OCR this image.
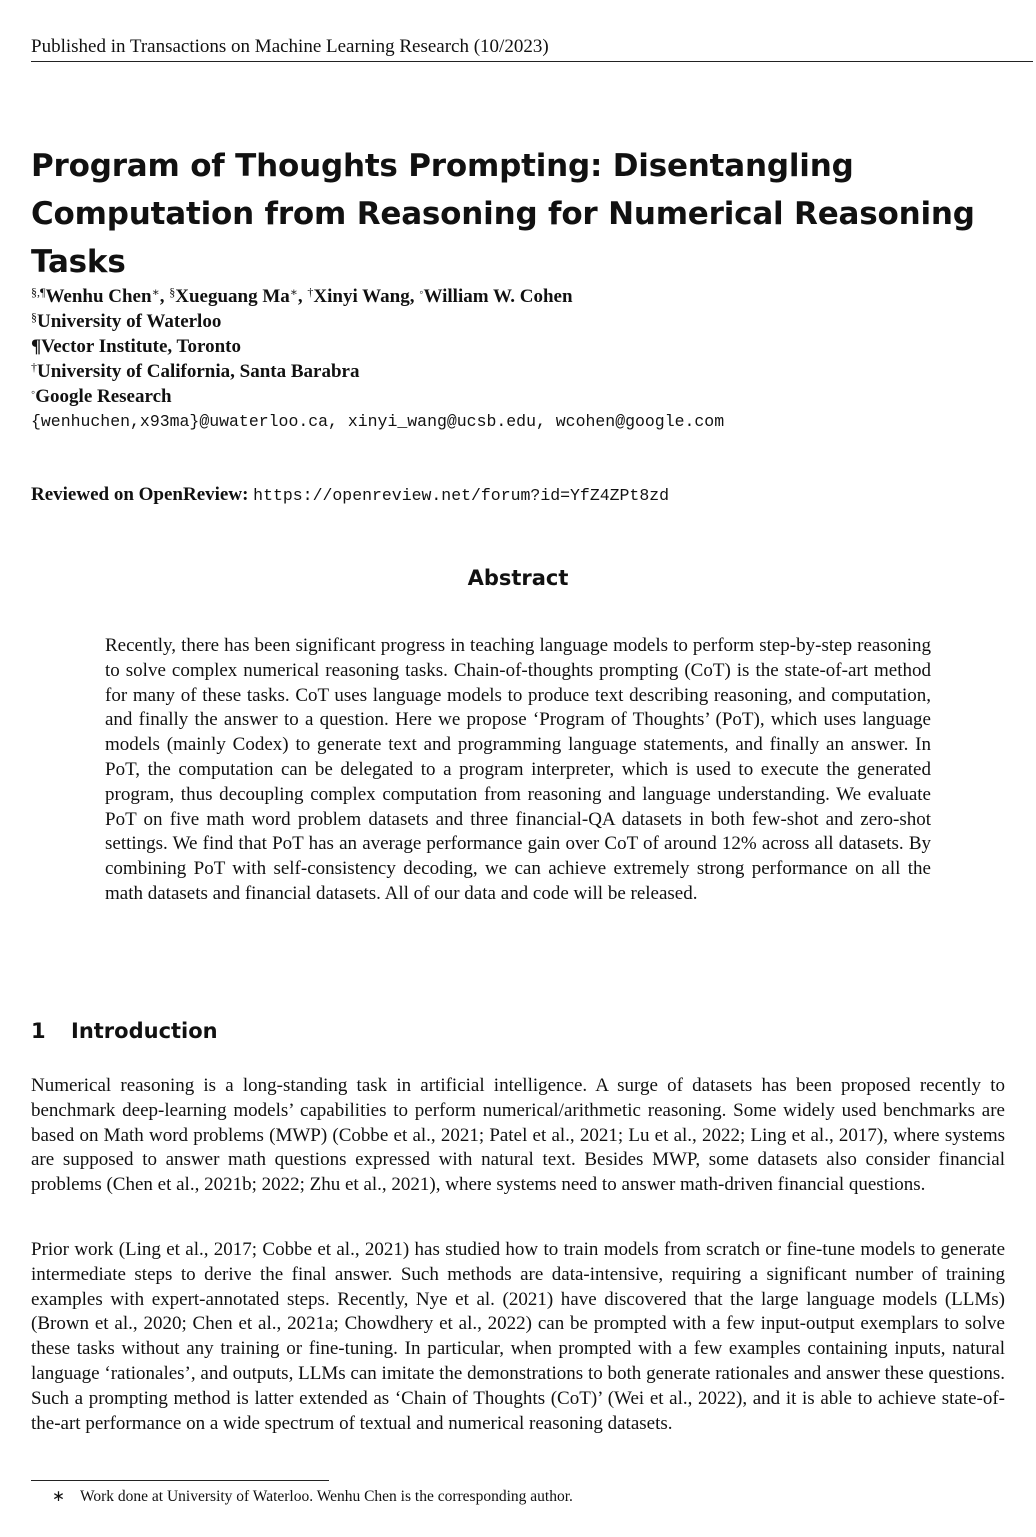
Published in Transactions on Machine Learning Research (10/2023)
Program of Thoughts Prompting: Disentangling Computation from Reasoning for Numerical Reasoning Tasks
§,¶Wenhu Chen∗, §Xueguang Ma∗, †Xinyi Wang, ◦William W. Cohen
§University of Waterloo
¶Vector Institute, Toronto
†University of California, Santa Barabra
◦Google Research
{wenhuchen,x93ma}@uwaterloo.ca, xinyi_wang@ucsb.edu, wcohen@google.com
Reviewed on OpenReview: https://openreview.net/forum?id=YfZ4ZPt8zd
Abstract
Recently, there has been significant progress in teaching language models to perform step-by-step reasoning to solve complex numerical reasoning tasks. Chain-of-thoughts prompting (CoT) is the state-of-art method for many of these tasks. CoT uses language models to produce text describing reasoning, and computation, and finally the answer to a question. Here we propose ‘Program of Thoughts’ (PoT), which uses language models (mainly Codex) to generate text and programming language statements, and finally an answer. In PoT, the computation can be delegated to a program interpreter, which is used to execute the generated program, thus decoupling complex computation from reasoning and language understanding. We evaluate PoT on five math word problem datasets and three financial-QA datasets in both few-shot and zero-shot settings. We find that PoT has an average performance gain over CoT of around 12% across all datasets. By combining PoT with self-consistency decoding, we can achieve extremely strong performance on all the math datasets and financial datasets. All of our data and code will be released.
1 Introduction

Numerical reasoning is a long-standing task in artificial intelligence. A surge of datasets has been proposed recently to benchmark deep-learning models’ capabilities to perform numerical/arithmetic reasoning. Some widely used benchmarks are based on Math word problems (MWP) (Cobbe et al., 2021; Patel et al., 2021; Lu et al., 2022; Ling et al., 2017), where systems are supposed to answer math questions expressed with natural text. Besides MWP, some datasets also consider financial problems (Chen et al., 2021b; 2022; Zhu et al., 2021), where systems need to answer math-driven financial questions.

Prior work (Ling et al., 2017; Cobbe et al., 2021) has studied how to train models from scratch or fine-tune models to generate intermediate steps to derive the final answer. Such methods are data-intensive, requiring a significant number of training examples with expert-annotated steps. Recently, Nye et al. (2021) have discovered that the large language models (LLMs) (Brown et al., 2020; Chen et al., 2021a; Chowdhery et al., 2022) can be prompted with a few input-output exemplars to solve these tasks without any training or fine-tuning. In particular, when prompted with a few examples containing inputs, natural language ‘rationales’, and outputs, LLMs can imitate the demonstrations to both generate rationales and answer these questions. Such a prompting method is latter extended as ‘Chain of Thoughts (CoT)’ (Wei et al., 2022), and it is able to achieve state-of-the-art performance on a wide spectrum of textual and numerical reasoning datasets.

∗ Work done at University of Waterloo. Wenhu Chen is the corresponding author.
